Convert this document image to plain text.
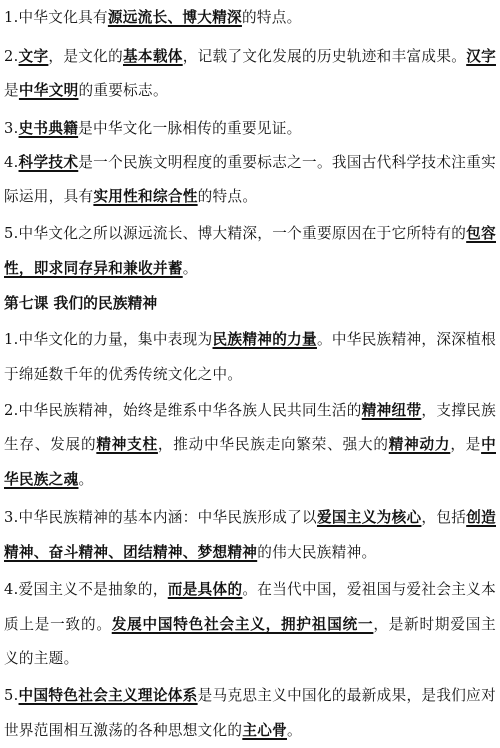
1.中华文化具有源远流长、博大精深的特点。
2.文字，是文化的基本载体，记载了文化发展的历史轨迹和丰富成果。汉字
是中华文明的重要标志。
3.史书典籍是中华文化一脉相传的重要见证。
4.科学技术是一个民族文明程度的重要标志之一。我国古代科学技术注重实
际运用，具有实用性和综合性的特点。
5.中华文化之所以源远流长、博大精深，一个重要原因在于它所特有的包容
性，即求同存异和兼收并蓄。
1.中华文化的力量，集中表现为民族精神的力量。中华民族精神，深深植根
于绵延数千年的优秀传统文化之中。
2.中华民族精神，始终是维系中华各族人民共同生活的精神纽带，支撑民族
生存、发展的精神支柱，推动中华民族走向繁荣、强大的精神动力，是中
华民族之魂。
3.中华民族精神的基本内涵：中华民族形成了以爱国主义为核心，包括创造
精神、奋斗精神、团结精神、梦想精神的伟大民族精神。
4.爱国主义不是抽象的，而是具体的。在当代中国，爱祖国与爱社会主义本
质上是一致的。发展中国特色社会主义，拥护祖国统一，是新时期爱国主
义的主题。
5.中国特色社会主义理论体系是马克思主义中国化的最新成果，是我们应对
世界范围相互激荡的各种思想文化的主心骨。
第七课 我们的民族精神
